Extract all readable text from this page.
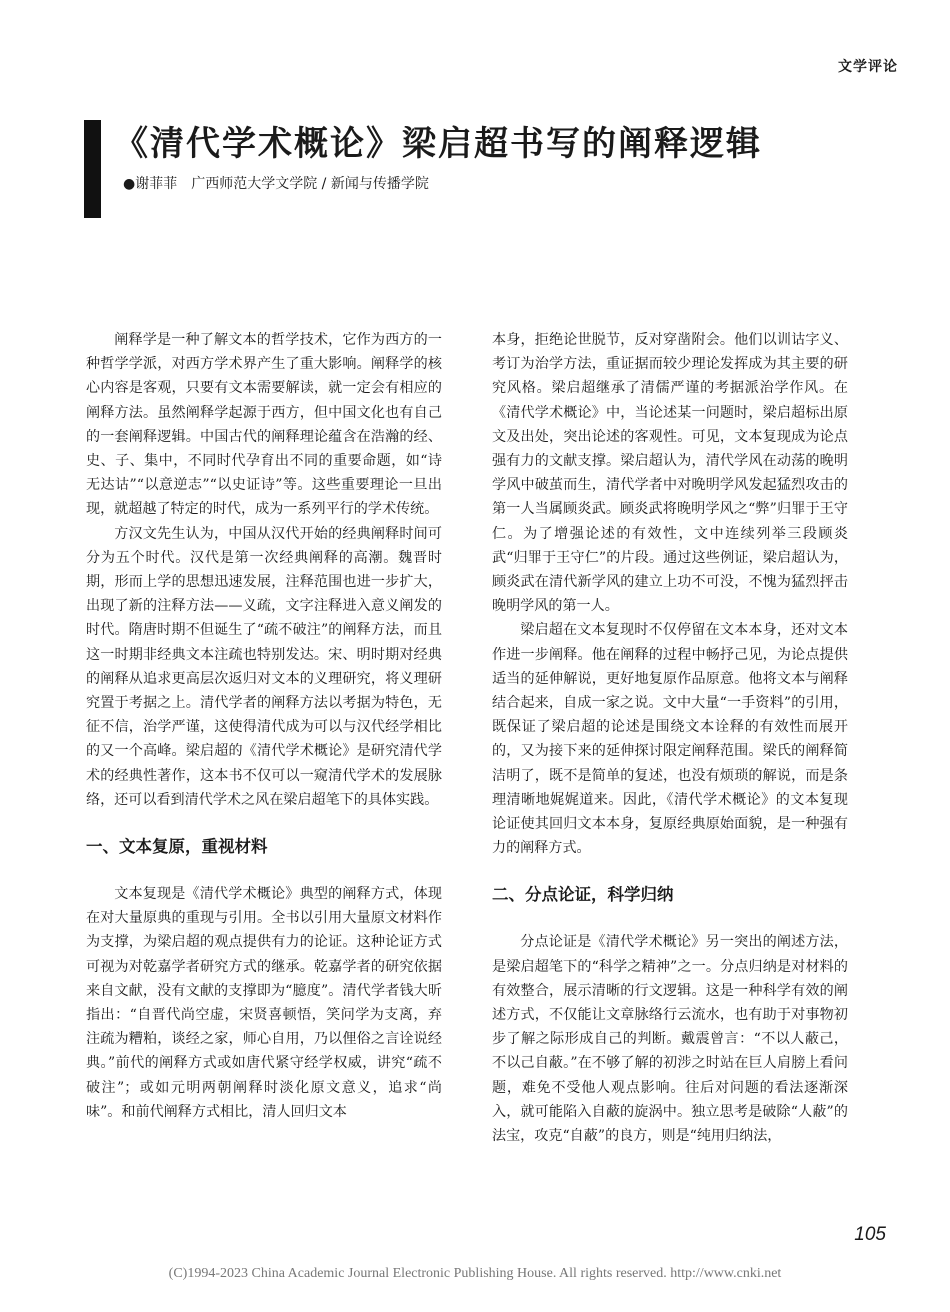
文学评论
《清代学术概论》梁启超书写的阐释逻辑
●谢菲菲 广西师范大学文学院 / 新闻与传播学院

阐释学是一种了解文本的哲学技术，它作为西方的一种哲学学派，对西方学术界产生了重大影响。阐释学的核心内容是客观，只要有文本需要解读，就一定会有相应的阐释方法。虽然阐释学起源于西方，但中国文化也有自己的一套阐释逻辑。中国古代的阐释理论蕴含在浩瀚的经、史、子、集中，不同时代孕育出不同的重要命题，如“诗无达诂”“以意逆志”“以史证诗”等。这些重要理论一旦出现，就超越了特定的时代，成为一系列平行的学术传统。

方汉文先生认为，中国从汉代开始的经典阐释时间可分为五个时代。汉代是第一次经典阐释的高潮。魏晋时期，形而上学的思想迅速发展，注释范围也进一步扩大，出现了新的注释方法——义疏，文字注释进入意义阐发的时代。隋唐时期不但诞生了“疏不破注”的阐释方法，而且这一时期非经典文本注疏也特别发达。宋、明时期对经典的阐释从追求更高层次返归对文本的义理研究，将义理研究置于考据之上。清代学者的阐释方法以考据为特色，无征不信，治学严谨，这使得清代成为可以与汉代经学相比的又一个高峰。梁启超的《清代学术概论》是研究清代学术的经典性著作，这本书不仅可以一窥清代学术的发展脉络，还可以看到清代学术之风在梁启超笔下的具体实践。

一、文本复原，重视材料

文本复现是《清代学术概论》典型的阐释方式，体现在对大量原典的重现与引用。全书以引用大量原文材料作为支撑，为梁启超的观点提供有力的论证。这种论证方式可视为对乾嘉学者研究方式的继承。乾嘉学者的研究依据来自文献，没有文献的支撑即为“臆度”。清代学者钱大昕指出：“自晋代尚空虚，宋贤喜顿悟，笑问学为支离，弃注疏为糟粕，谈经之家，师心自用，乃以俚俗之言诠说经典。”前代的阐释方式或如唐代紧守经学权威，讲究“疏不破注”；或如元明两朝阐释时淡化原文意义，追求“尚味”。和前代阐释方式相比，清人回归文本

本身，拒绝论世脱节，反对穿凿附会。他们以训诂字义、考订为治学方法，重证据而较少理论发挥成为其主要的研究风格。梁启超继承了清儒严谨的考据派治学作风。在《清代学术概论》中，当论述某一问题时，梁启超标出原文及出处，突出论述的客观性。可见，文本复现成为论点强有力的文献支撑。梁启超认为，清代学风在动荡的晚明学风中破茧而生，清代学者中对晚明学风发起猛烈攻击的第一人当属顾炎武。顾炎武将晚明学风之“弊”归罪于王守仁。为了增强论述的有效性，文中连续列举三段顾炎武“归罪于王守仁”的片段。通过这些例证，梁启超认为，顾炎武在清代新学风的建立上功不可没，不愧为猛烈抨击晚明学风的第一人。

梁启超在文本复现时不仅停留在文本本身，还对文本作进一步阐释。他在阐释的过程中畅抒己见，为论点提供适当的延伸解说，更好地复原作品原意。他将文本与阐释结合起来，自成一家之说。文中大量“一手资料”的引用，既保证了梁启超的论述是围绕文本诠释的有效性而展开的，又为接下来的延伸探讨限定阐释范围。梁氏的阐释简洁明了，既不是简单的复述，也没有烦琐的解说，而是条理清晰地娓娓道来。因此，《清代学术概论》的文本复现论证使其回归文本本身，复原经典原始面貌，是一种强有力的阐释方式。

二、分点论证，科学归纳

分点论证是《清代学术概论》另一突出的阐述方法，是梁启超笔下的“科学之精神”之一。分点归纳是对材料的有效整合，展示清晰的行文逻辑。这是一种科学有效的阐述方式，不仅能让文章脉络行云流水，也有助于对事物初步了解之际形成自己的判断。戴震曾言：“不以人蔽己，不以己自蔽。”在不够了解的初涉之时站在巨人肩膀上看问题，难免不受他人观点影响。往后对问题的看法逐渐深入，就可能陷入自蔽的旋涡中。独立思考是破除“人蔽”的法宝，攻克“自蔽”的良方，则是“纯用归纳法，

105
(C)1994-2023 China Academic Journal Electronic Publishing House. All rights reserved. http://www.cnki.net
